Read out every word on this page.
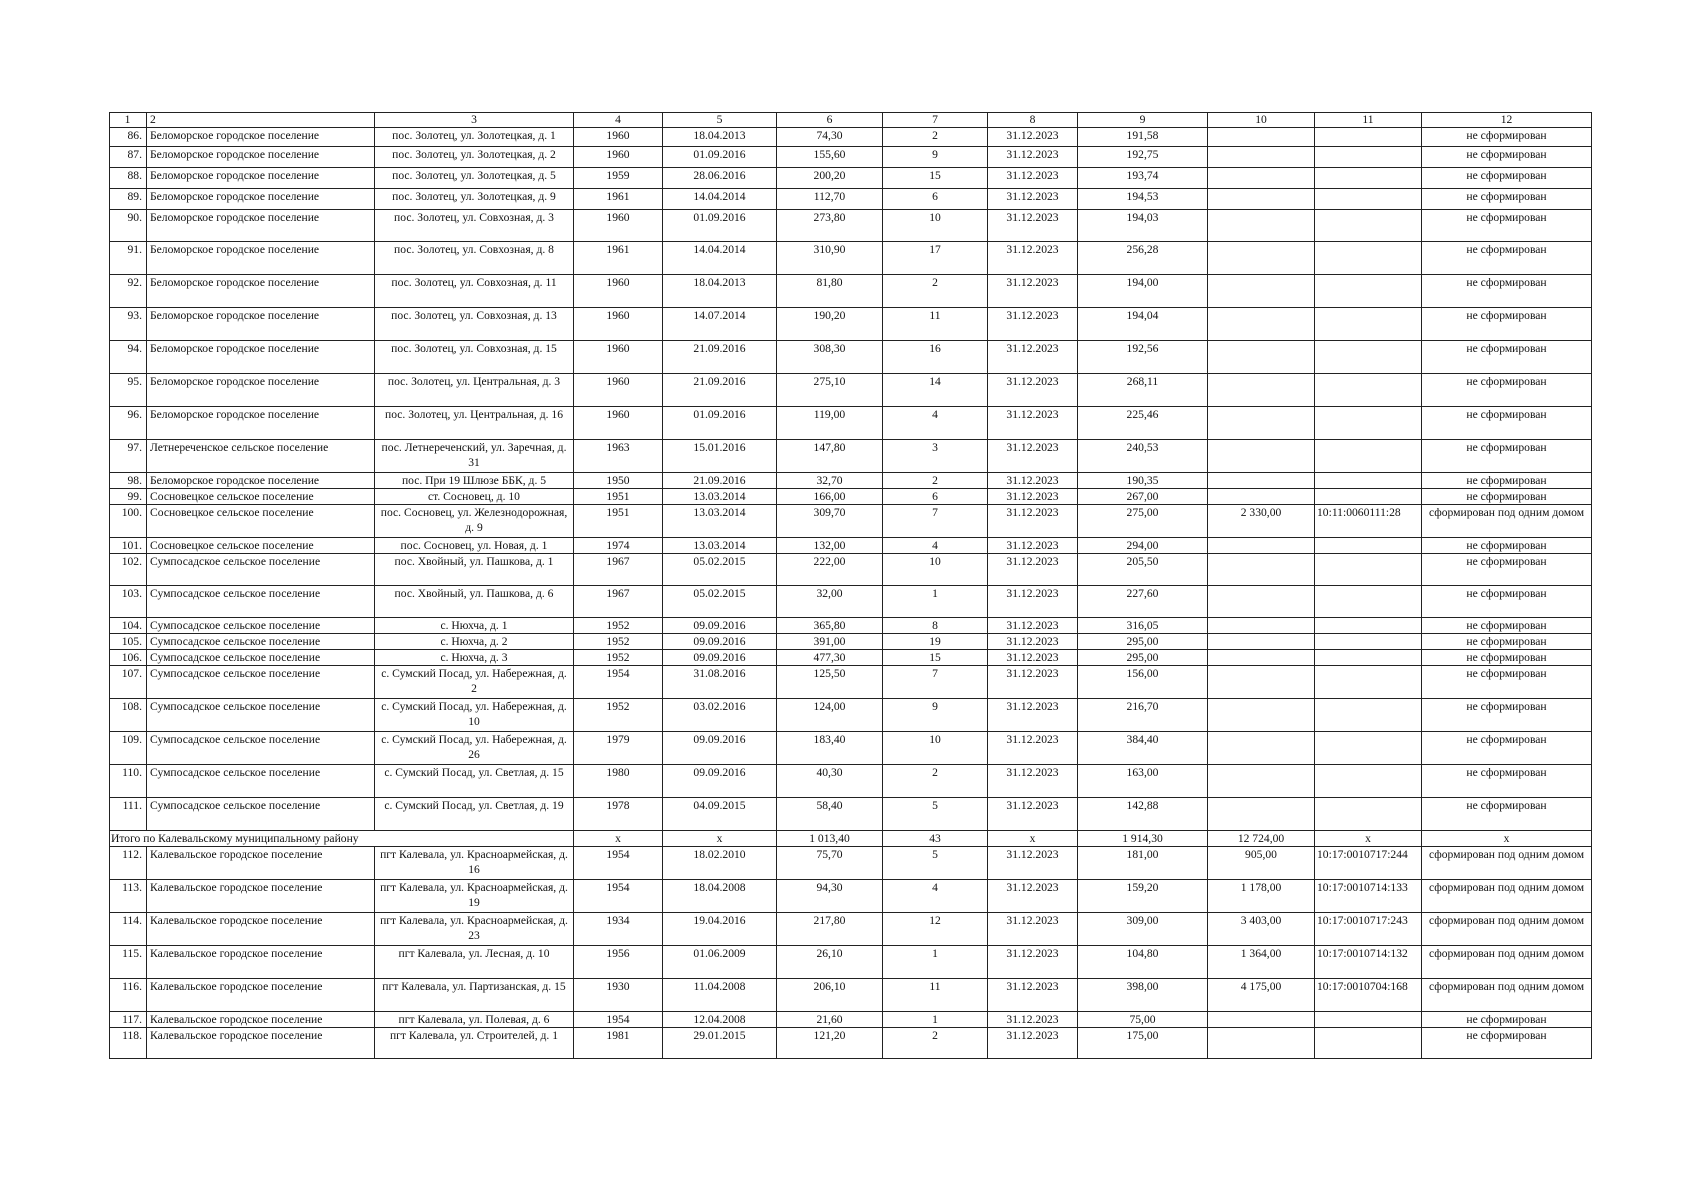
1	2	3	4	5	6	7	8	9	10	11	12
86.	Беломорское городское поселение	пос. Золотец, ул. Золотецкая, д. 1	1960	18.04.2013	74,30	2	31.12.2023	191,58			не сформирован
87.	Беломорское городское поселение	пос. Золотец, ул. Золотецкая, д. 2	1960	01.09.2016	155,60	9	31.12.2023	192,75			не сформирован
88.	Беломорское городское поселение	пос. Золотец, ул. Золотецкая, д. 5	1959	28.06.2016	200,20	15	31.12.2023	193,74			не сформирован
89.	Беломорское городское поселение	пос. Золотец, ул. Золотецкая, д. 9	1961	14.04.2014	112,70	6	31.12.2023	194,53			не сформирован
90.	Беломорское городское поселение	пос. Золотец, ул. Совхозная, д. 3	1960	01.09.2016	273,80	10	31.12.2023	194,03			не сформирован
91.	Беломорское городское поселение	пос. Золотец, ул. Совхозная, д. 8	1961	14.04.2014	310,90	17	31.12.2023	256,28			не сформирован
92.	Беломорское городское поселение	пос. Золотец, ул. Совхозная, д. 11	1960	18.04.2013	81,80	2	31.12.2023	194,00			не сформирован
93.	Беломорское городское поселение	пос. Золотец, ул. Совхозная, д. 13	1960	14.07.2014	190,20	11	31.12.2023	194,04			не сформирован
94.	Беломорское городское поселение	пос. Золотец, ул. Совхозная, д. 15	1960	21.09.2016	308,30	16	31.12.2023	192,56			не сформирован
95.	Беломорское городское поселение	пос. Золотец, ул. Центральная, д. 3	1960	21.09.2016	275,10	14	31.12.2023	268,11			не сформирован
96.	Беломорское городское поселение	пос. Золотец, ул. Центральная, д. 16	1960	01.09.2016	119,00	4	31.12.2023	225,46			не сформирован
97.	Летнереченское сельское поселение	пос. Летнереченский, ул. Заречная, д. 31	1963	15.01.2016	147,80	3	31.12.2023	240,53			не сформирован
98.	Беломорское городское поселение	пос. При 19 Шлюзе ББК, д. 5	1950	21.09.2016	32,70	2	31.12.2023	190,35			не сформирован
99.	Сосновецкое сельское поселение	ст. Сосновец, д. 10	1951	13.03.2014	166,00	6	31.12.2023	267,00			не сформирован
100.	Сосновецкое сельское поселение	пос. Сосновец, ул. Железнодорожная, д. 9	1951	13.03.2014	309,70	7	31.12.2023	275,00	2 330,00	10:11:0060111:28	сформирован под одним домом
101.	Сосновецкое сельское поселение	пос. Сосновец, ул. Новая, д. 1	1974	13.03.2014	132,00	4	31.12.2023	294,00			не сформирован
102.	Сумпосадское сельское поселение	пос. Хвойный, ул. Пашкова, д. 1	1967	05.02.2015	222,00	10	31.12.2023	205,50			не сформирован
103.	Сумпосадское сельское поселение	пос. Хвойный, ул. Пашкова, д. 6	1967	05.02.2015	32,00	1	31.12.2023	227,60			не сформирован
104.	Сумпосадское сельское поселение	с. Нюхча, д. 1	1952	09.09.2016	365,80	8	31.12.2023	316,05			не сформирован
105.	Сумпосадское сельское поселение	с. Нюхча, д. 2	1952	09.09.2016	391,00	19	31.12.2023	295,00			не сформирован
106.	Сумпосадское сельское поселение	с. Нюхча, д. 3	1952	09.09.2016	477,30	15	31.12.2023	295,00			не сформирован
107.	Сумпосадское сельское поселение	с. Сумский Посад, ул. Набережная, д. 2	1954	31.08.2016	125,50	7	31.12.2023	156,00			не сформирован
108.	Сумпосадское сельское поселение	с. Сумский Посад, ул. Набережная, д. 10	1952	03.02.2016	124,00	9	31.12.2023	216,70			не сформирован
109.	Сумпосадское сельское поселение	с. Сумский Посад, ул. Набережная, д. 26	1979	09.09.2016	183,40	10	31.12.2023	384,40			не сформирован
110.	Сумпосадское сельское поселение	с. Сумский Посад, ул. Светлая, д. 15	1980	09.09.2016	40,30	2	31.12.2023	163,00			не сформирован
111.	Сумпосадское сельское поселение	с. Сумский Посад, ул. Светлая, д. 19	1978	04.09.2015	58,40	5	31.12.2023	142,88			не сформирован
Итого по Калевальскому муниципальному району			x	x	1 013,40	43	x	1 914,30	12 724,00	x	x
112.	Калевальское городское поселение	пгт Калевала, ул. Красноармейская, д. 16	1954	18.02.2010	75,70	5	31.12.2023	181,00	905,00	10:17:0010717:244	сформирован под одним домом
113.	Калевальское городское поселение	пгт Калевала, ул. Красноармейская, д. 19	1954	18.04.2008	94,30	4	31.12.2023	159,20	1 178,00	10:17:0010714:133	сформирован под одним домом
114.	Калевальское городское поселение	пгт Калевала, ул. Красноармейская, д. 23	1934	19.04.2016	217,80	12	31.12.2023	309,00	3 403,00	10:17:0010717:243	сформирован под одним домом
115.	Калевальское городское поселение	пгт Калевала, ул. Лесная, д. 10	1956	01.06.2009	26,10	1	31.12.2023	104,80	1 364,00	10:17:0010714:132	сформирован под одним домом
116.	Калевальское городское поселение	пгт Калевала, ул. Партизанская, д. 15	1930	11.04.2008	206,10	11	31.12.2023	398,00	4 175,00	10:17:0010704:168	сформирован под одним домом
117.	Калевальское городское поселение	пгт Калевала, ул. Полевая, д. 6	1954	12.04.2008	21,60	1	31.12.2023	75,00			не сформирован
118.	Калевальское городское поселение	пгт Калевала, ул. Строителей, д. 1	1981	29.01.2015	121,20	2	31.12.2023	175,00			не сформирован
